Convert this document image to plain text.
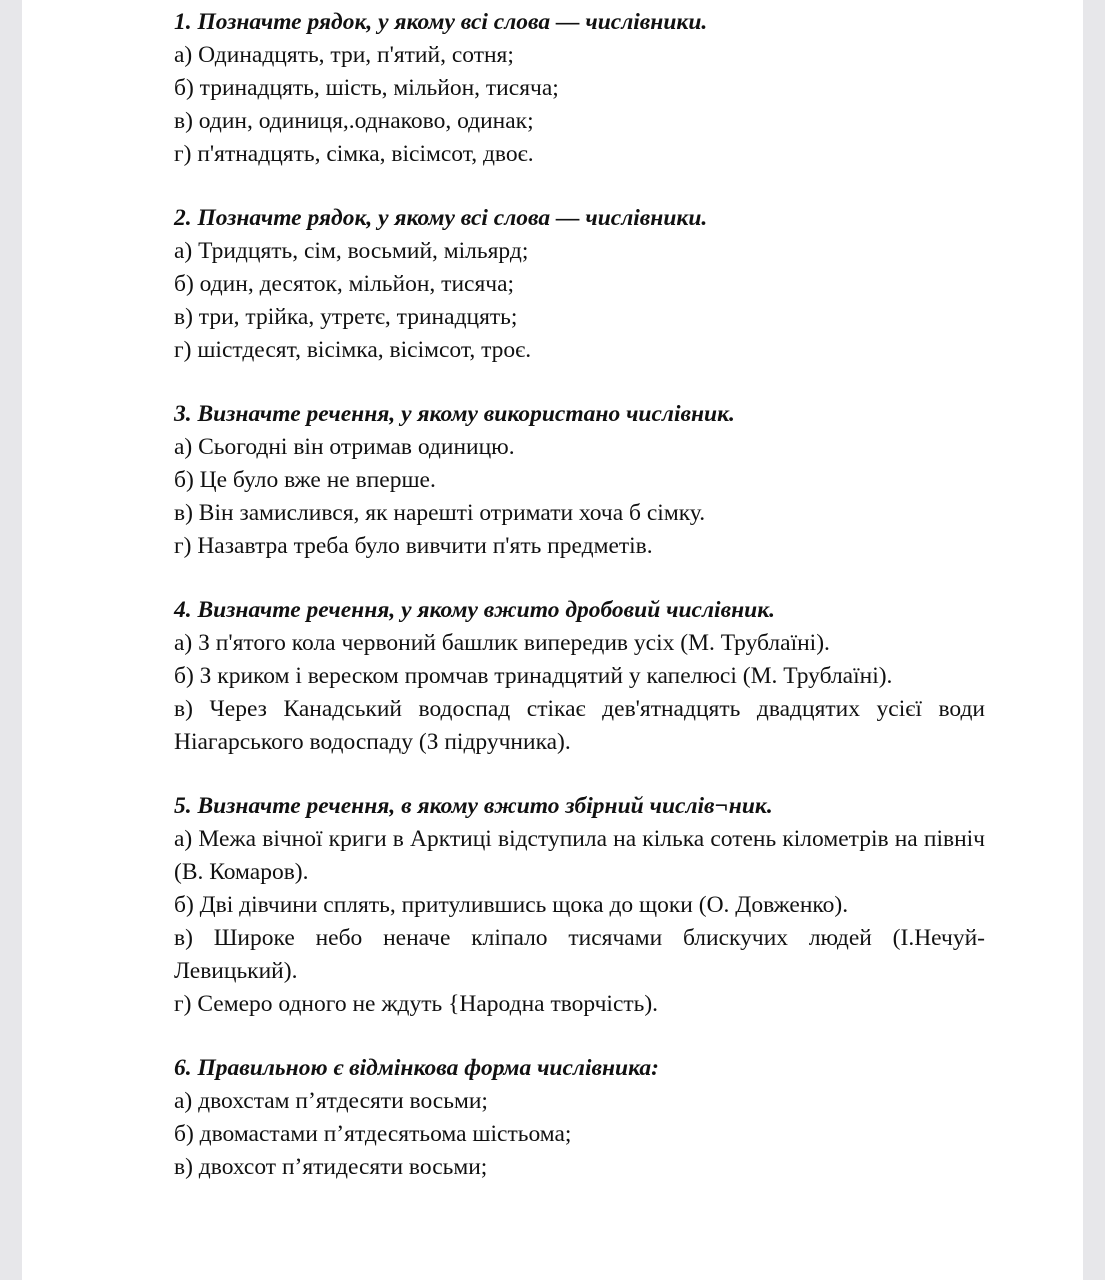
1. Позначте рядок, у якому всі слова — числівники.

а) Одинадцять, три, п'ятий, сотня;

б) тринадцять, шість, мільйон, тисяча;

в) один, одиниця,.однаково, одинак;

г) п'ятнадцять, сімка, вісімсот, двоє.

2. Позначте рядок, у якому всі слова — числівники.

а) Тридцять, сім, восьмий, мільярд;

б) один, десяток, мільйон, тисяча;

в) три, трійка, утретє, тринадцять;

г) шістдесят, вісімка, вісімсот, троє.

3. Визначте речення, у якому використано числівник.

а) Сьогодні він отримав одиницю.

б) Це було вже не вперше.

в) Він замислився, як нарешті отримати хоча б сімку.

г) Назавтра треба було вивчити п'ять предметів.

4. Визначте речення, у якому вжито дробовий числівник.

а) З п'ятого кола червоний башлик випередив усіх (М. Трублаїні).

б) З криком і вереском промчав тринадцятий у капелюсі (М. Трублаїні).

в) Через Канадський водоспад стікає дев'ятнадцять двадцятих усієї води Ніагарського водоспаду (З підручника).

5. Визначте речення, в якому вжито збірний числів¬ник.

а) Межа вічної криги в Арктиці відступила на кілька сотень кілометрів на північ (В. Комаров).

б) Дві дівчини сплять, притулившись щока до щоки (О. Довженко).

в) Широке небо неначе кліпало тисячами блискучих людей (І.Нечуй-Левицький).

г) Семеро одного не ждуть {Народна творчість).

6. Правильною є відмінкова форма числівника:

а) двохстам п’ятдесяти восьми;

б) двомастами п’ятдесятьома шістьома;

в) двохсот п’ятидесяти восьми;
